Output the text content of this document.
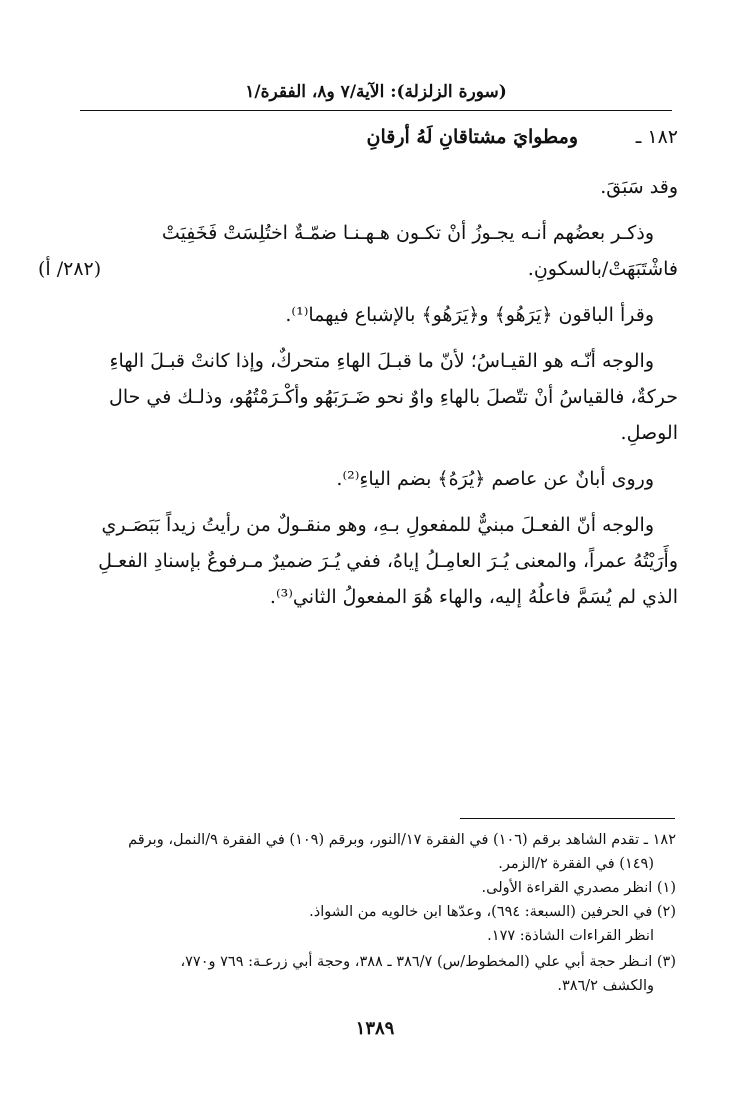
(سورة الزلزلة): الآية/٧ و٨، الفقرة/١
١٨٢ ـ
ومطوايَ مشتاقانِ لَهُ أرقانِ
وقد سَبَقَ.
وذكـر بعضُهم أنـه يجـوزُ أنْ تكـون هـهـنـا ضمّـةٌ اختُلِسَتْ فَخَفِيَتْ
فاشْتَبَهَتْ/بالسكونِ.
وقرأ الباقون ﴿يَرَهُو﴾ و﴿يَرَهُو﴾ بالإشباع فيهما⁽¹⁾.
والوجه أنّـه هو القيـاسُ؛ لأنّ ما قبـلَ الهاءِ متحركٌ، وإذا كانتْ قبـلَ الهاءِ
حركةٌ، فالقياسُ أنْ تتّصلَ بالهاءِ واوٌ نحو ضَـرَبَهُو وأكْـرَمْتُهُو، وذلـك في حال
الوصلِ.
وروى أبانٌ عن عاصم ﴿يُرَهُ﴾ بضم الياءِ⁽²⁾.
والوجه أنّ الفعـلَ مبنيٌّ للمفعولِ بـهِ، وهو منقـولٌ من رأيتُ زيداً بَبَصَـري
وأَرَيْتُهُ عمراً، والمعنى يُـرَ العامِـلُ إياهُ، ففي يُـرَ ضميرٌ مـرفوعٌ بإسنادِ الفعـلِ
الذي لم يُسَمَّ فاعلُهُ إليه، والهاء هُوَ المفعولُ الثاني⁽³⁾.
(٢٨٢/ أ)
١٨٢ ـ تقدم الشاهد برقم (١٠٦) في الفقرة ١٧/النور، وبرقم (١٠٩) في الفقرة ٩/النمل، وبرقم
(١٤٩) في الفقرة ٢/الزمر.
(١) انظر مصدري القراءة الأولى.
(٢) في الحرفين (السبعة: ٦٩٤)، وعدّها ابن خالويه من الشواذ.
انظر القراءات الشاذة: ١٧٧.
(٣) انـظر حجة أبي علي (المخطوط/س) ٣٨٦/٧ ـ ٣٨٨، وحجة أبي زرعـة: ٧٦٩ و٧٧٠،
والكشف ٣٨٦/٢.
١٣٨٩
